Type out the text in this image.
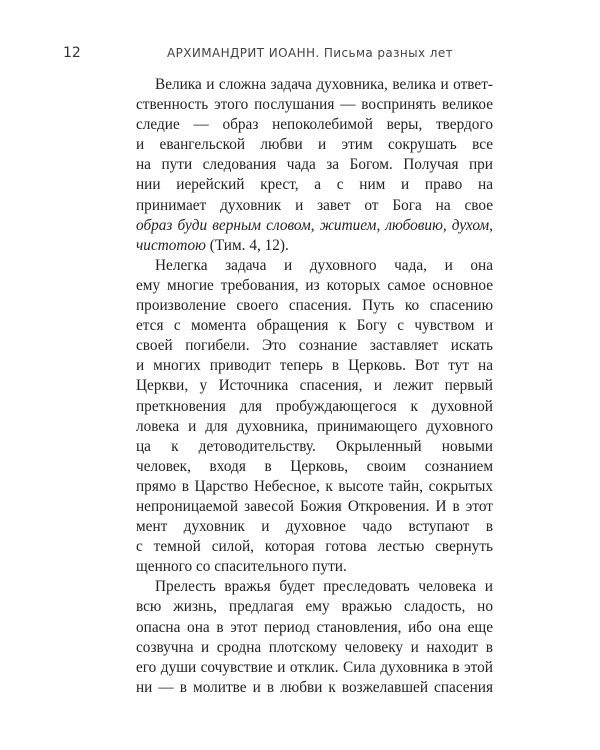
12	АРХИМАНДРИТ ИОАНН. Письма разных лет
Велика и сложна задача духовника, велика и ответ-
ственность этого послушания — воспринять великое
следие — образ непоколебимой веры, твердого
и евангельской любви и этим сокрушать все
на пути следования чада за Богом. Получая при
нии иерейский крест, а с ним и право на
принимает духовник и завет от Бога на свое
образ буди верным словом, житием, любовию, духом,
чистотою (Тим. 4, 12).
Нелегка задача и духовного чада, и она
ему многие требования, из которых самое основное
произволение своего спасения. Путь ко спасению
ется с момента обращения к Богу с чувством и
своей погибели. Это сознание заставляет искать
и многих приводит теперь в Церковь. Вот тут на
Церкви, у Источника спасения, и лежит первый
преткновения для пробуждающегося к духовной
ловека и для духовника, принимающего духовного
ца к детоводительству. Окрыленный новыми
человек, входя в Церковь, своим сознанием
прямо в Царство Небесное, к высоте тайн, сокрытых
непроницаемой завесой Божия Откровения. И в этот
мент духовник и духовное чадо вступают в
с темной силой, которая готова лестью свернуть
щенного со спасительного пути.
Прелесть вражья будет преследовать человека и
всю жизнь, предлагая ему вражью сладость, но
опасна она в этот период становления, ибо она еще
созвучна и сродна плотскому человеку и находит в
его души сочувствие и отклик. Сила духовника в этой
ни — в молитве и в любви к возжелавшей спасения
